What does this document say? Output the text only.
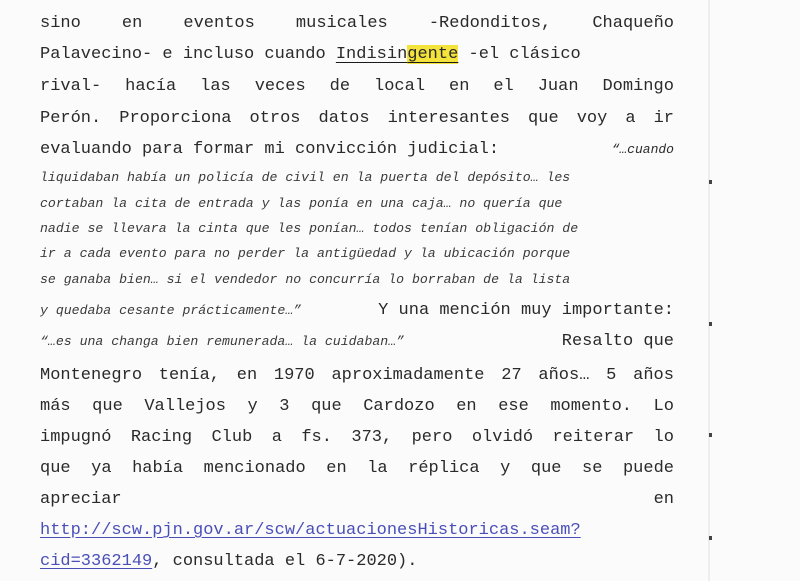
sino en eventos musicales -Redonditos, Chaqueño
Palavecino- e incluso cuando Indisingente -el clásico
rival- hacía las veces de local en el Juan Domingo
Perón. Proporciona otros datos interesantes que voy a ir
evaluando para formar mi convicción judicial:	“…cuando
liquidaban había un policía de civil en la puerta del depósito… les
cortaban la cita de entrada y las ponía en una caja… no quería que
nadie se llevara la cinta que les ponían… todos tenían obligación de
ir a cada evento para no perder la antigüedad y la ubicación porque
se ganaba bien… si el vendedor no concurría lo borraban de la lista
y quedaba cesante prácticamente…”	Y una mención muy importante:
“…es una changa bien remunerada… la cuidaban…”	Resalto que
Montenegro tenía, en 1970 aproximadamente 27 años… 5 años
más que Vallejos y 3 que Cardozo en ese momento. Lo
impugnó Racing Club a fs. 373, pero olvidó reiterar lo
que ya había mencionado en la réplica y que se puede
apreciar	en
http://scw.pjn.gov.ar/scw/actuacionesHistoricas.seam?
cid=3362149, consultada el 6-7-2020).
